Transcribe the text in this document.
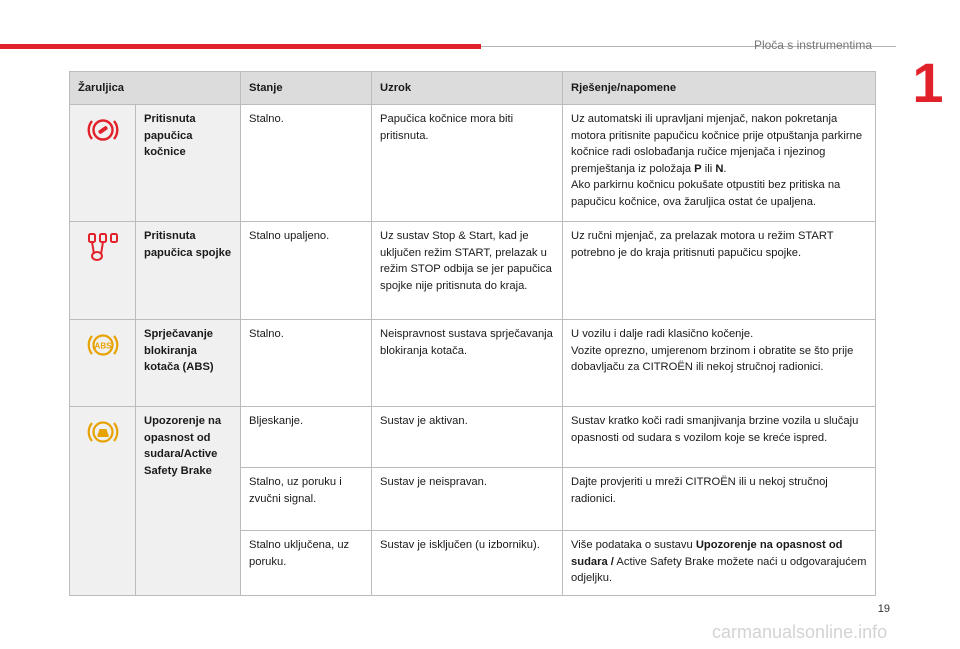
Ploča s instrumentima
1
Žaruljica		Stanje	Uzrok	Rješenje/napomene
	Pritisnuta papučica kočnice	Stalno.	Papučica kočnice mora biti pritisnuta.	Uz automatski ili upravljani mjenjač, nakon pokretanja motora pritisnite papučicu kočnice prije otpuštanja parkirne kočnice radi oslobađanja ručice mjenjača i njezinog premještanja iz položaja P ili N.
Ako parkirnu kočnicu pokušate otpustiti bez pritiska na papučicu kočnice, ova žaruljica ostat će upaljena.
	Pritisnuta papučica spojke	Stalno upaljeno.	Uz sustav Stop & Start, kad je uključen režim START, prelazak u režim STOP odbija se jer papučica spojke nije pritisnuta do kraja.	Uz ručni mjenjač, za prelazak motora u režim START potrebno je do kraja pritisnuti papučicu spojke.

ABS	Sprječavanje blokiranja kotača (ABS)	Stalno.	Neispravnost sustava sprječavanja blokiranja kotača.	U vozilu i dalje radi klasično kočenje.
Vozite oprezno, umjerenom brzinom i obratite se što prije dobavljaču za CITROËN ili nekoj stručnoj radionici.
	Upozorenje na opasnost od sudara/Active Safety Brake	Bljeskanje.	Sustav je aktivan.	Sustav kratko koči radi smanjivanja brzine vozila u slučaju opasnosti od sudara s vozilom koje se kreće ispred.
		Stalno, uz poruku i zvučni signal.	Sustav je neispravan.	Dajte provjeriti u mreži CITROËN ili u nekoj stručnoj radionici.
		Stalno uključena, uz poruku.	Sustav je isključen (u izborniku).	Više podataka o sustavu Upozorenje na opasnost od sudara / Active Safety Brake možete naći u odgovarajućem odjeljku.
19
carmanualsonline.info
